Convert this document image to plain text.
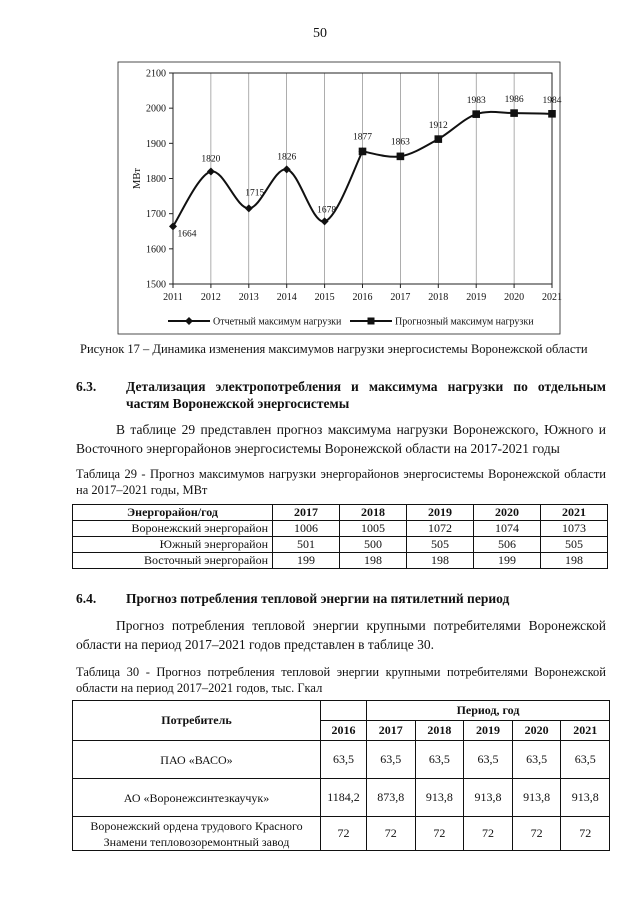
50
1500
1600
1700
1800
1900
2000
2100
2011 2012 2013 2014 2015 2016 2017 2018 2019 2020 2021
МВт
1664
1820
1715
1826
1678
1877 1863
1912
1983 1986 1984
Отчетный максимум нагрузки	Прогнозный максимум нагрузки
Рисунок 17 – Динамика изменения максимумов нагрузки энергосистемы Воронежской области
6.3. Детализация электропотребления и максимума нагрузки по отдельным частям Воронежской энергосистемы
В таблице 29 представлен прогноз максимума нагрузки Воронежского, Южного и Восточного энергорайонов энергосистемы Воронежской области на 2017-2021 годы
Таблица 29 - Прогноз максимумов нагрузки энергорайонов энергосистемы Воронежской области на 2017–2021 годы, МВт
Энергорайон/год	2017	2018	2019	2020	2021
Воронежский энергорайон	1006	1005	1072	1074	1073
Южный энергорайон	501	500	505	506	505
Восточный энергорайон	199	198	198	199	198
6.4. Прогноз потребления тепловой энергии на пятилетний период
Прогноз потребления тепловой энергии крупными потребителями Воронежской области на период 2017–2021 годов представлен в таблице 30.
Таблица 30 - Прогноз потребления тепловой энергии крупными потребителями Воронежской области на период 2017–2021 годов, тыс. Гкал
Потребитель		Период, год				
	2016	2017	2018	2019	2020	2021
ПАО «ВАСО»	63,5	63,5	63,5	63,5	63,5	63,5
АО «Воронежсинтезкаучук»	1184,2	873,8	913,8	913,8	913,8	913,8
Воронежский ордена трудового Красного Знамени тепловозоремонтный завод	72	72	72	72	72	72
